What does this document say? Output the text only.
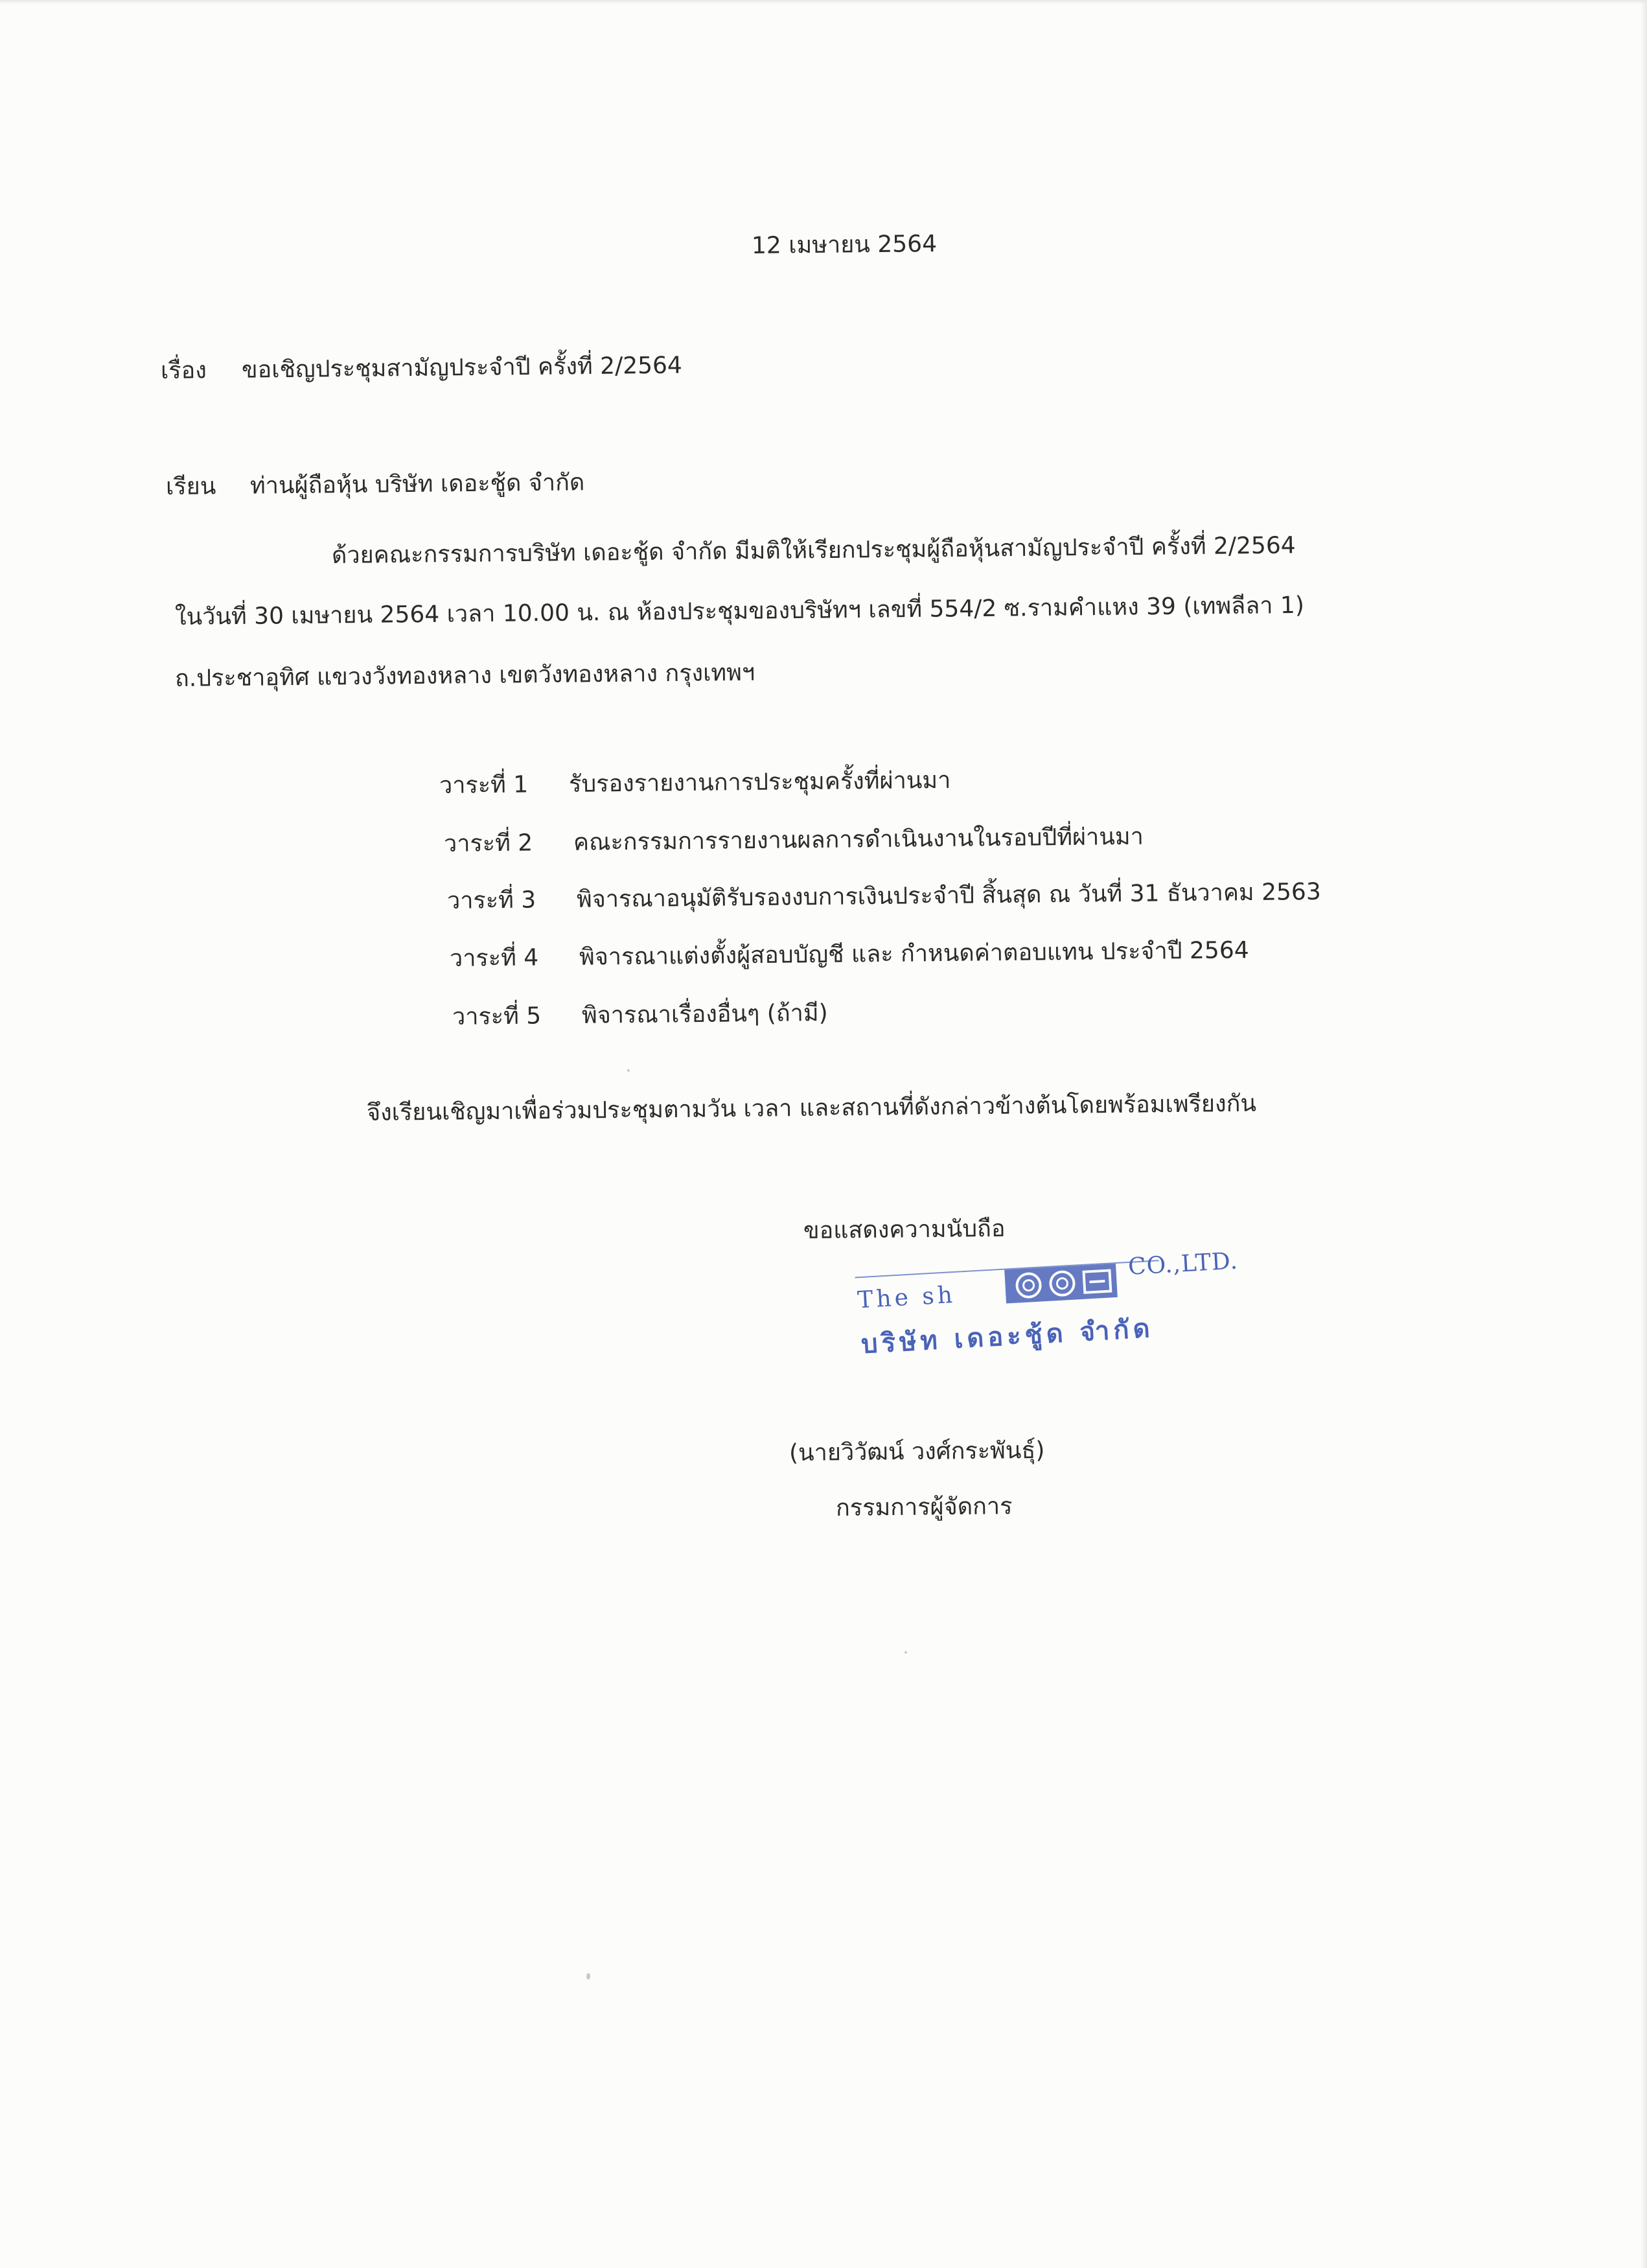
12 เมษายน 2564
เรื่อง ขอเชิญประชุมสามัญประจำปี ครั้งที่ 2/2564
เรียน ท่านผู้ถือหุ้น บริษัท เดอะชู้ด จำกัด
ด้วยคณะกรรมการบริษัท เดอะชู้ด จำกัด มีมติให้เรียกประชุมผู้ถือหุ้นสามัญประจำปี ครั้งที่ 2/2564
ในวันที่ 30 เมษายน 2564 เวลา 10.00 น. ณ ห้องประชุมของบริษัทฯ เลขที่ 554/2 ซ.รามคำแหง 39 (เทพลีลา 1)
ถ.ประชาอุทิศ แขวงวังทองหลาง เขตวังทองหลาง กรุงเทพฯ
วาระที่ 1 รับรองรายงานการประชุมครั้งที่ผ่านมา
วาระที่ 2 คณะกรรมการรายงานผลการดำเนินงานในรอบปีที่ผ่านมา
วาระที่ 3 พิจารณาอนุมัติรับรองงบการเงินประจำปี สิ้นสุด ณ วันที่ 31 ธันวาคม 2563
วาระที่ 4 พิจารณาแต่งตั้งผู้สอบบัญชี และ กำหนดค่าตอบแทน ประจำปี 2564
วาระที่ 5 พิจารณาเรื่องอื่นๆ (ถ้ามี)
จึงเรียนเชิญมาเพื่อร่วมประชุมตามวัน เวลา และสถานที่ดังกล่าวข้างต้นโดยพร้อมเพรียงกัน
ขอแสดงความนับถือ
The sh
CO.,LTD.
บริษัท เดอะชู้ด จำกัด
(นายวิวัฒน์ วงศ์กระพันธุ์)
กรรมการผู้จัดการ
